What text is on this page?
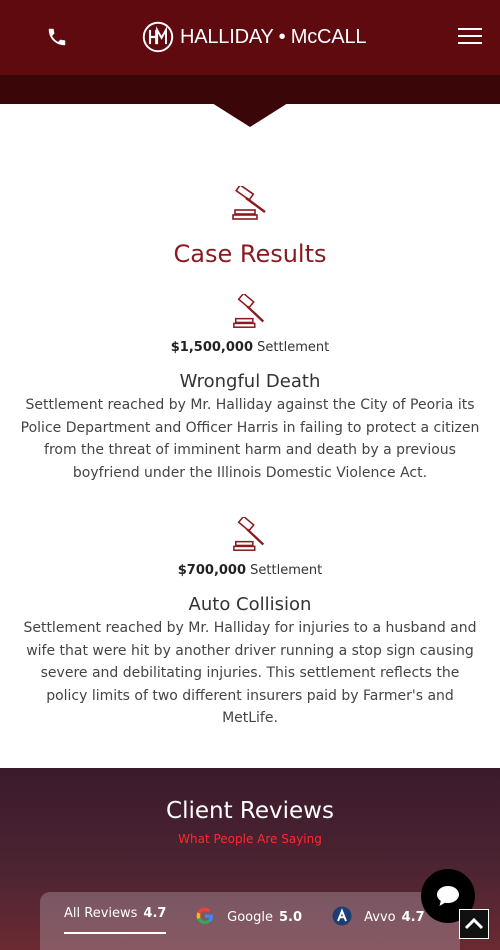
HALLIDAY • McCALL
Case Results
$1,500,000 Settlement
Wrongful Death
Settlement reached by Mr. Halliday against the City of Peoria its Police Department and Officer Harris in failing to protect a citizen from the threat of imminent harm and death by a previous boyfriend under the Illinois Domestic Violence Act.
$700,000 Settlement
Auto Collision
Settlement reached by Mr. Halliday for injuries to a husband and wife that were hit by another driver running a stop sign causing severe and debilitating injuries. This settlement reflects the policy limits of two different insurers paid by Farmer's and MetLife.
Client Reviews
What People Are Saying
All Reviews 4.7	Google 5.0	Avvo 4.7
